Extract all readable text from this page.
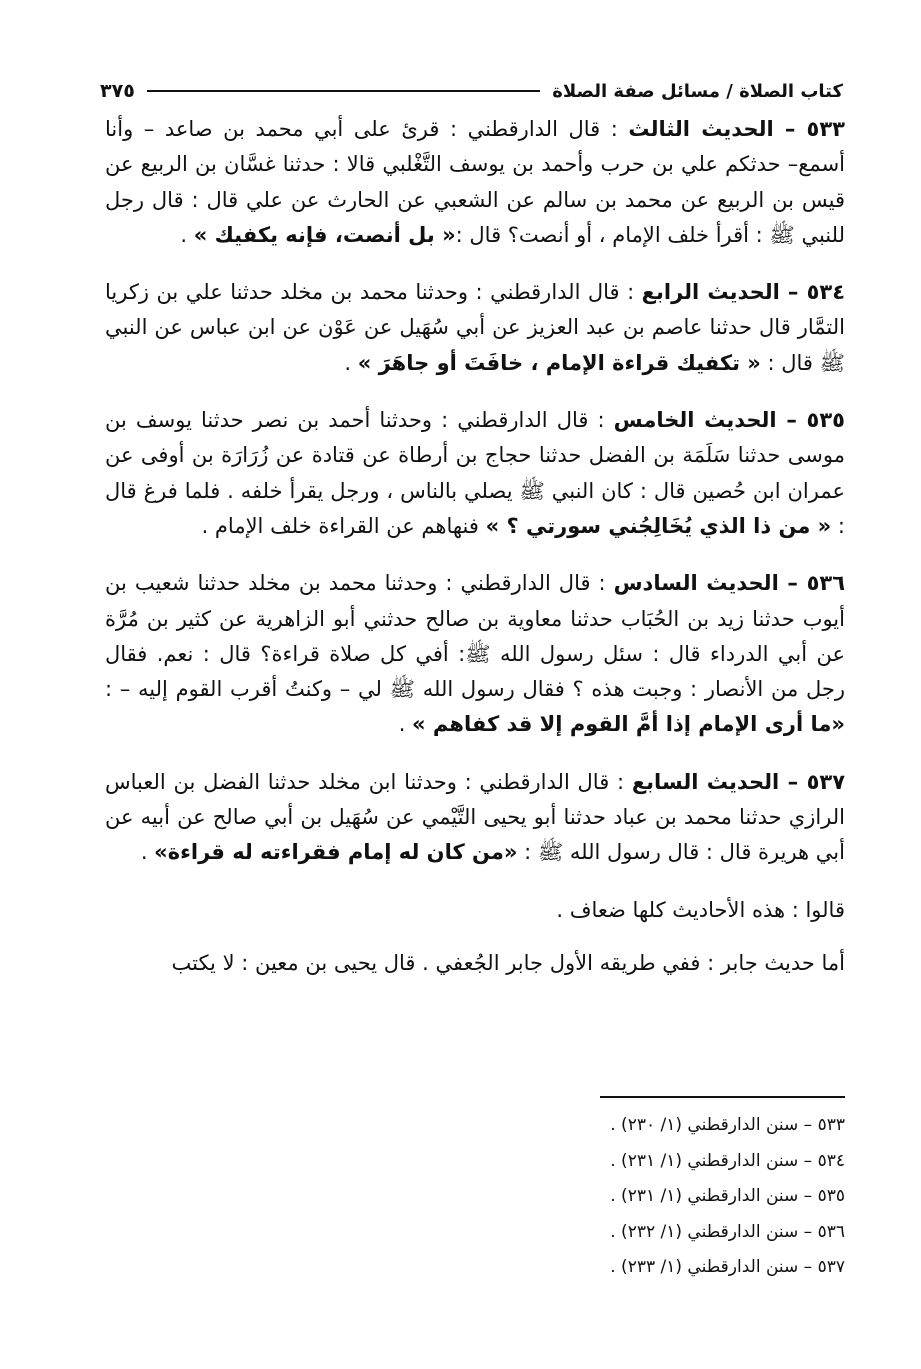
كتاب الصلاة / مسائل صفة الصلاة
٣٧٥

٥٣٣ – الحديث الثالث : قال الدارقطني : قرئ على أبي محمد بن صاعد – وأنا أسمع– حدثكم علي بن حرب وأحمد بن يوسف التَّغْلبي قالا : حدثنا غسَّان بن الربيع عن قيس بن الربيع عن محمد بن سالم عن الشعبي عن الحارث عن علي قال : قال رجل للنبي ﷺ : أقرأ خلف الإمام ، أو أنصت؟ قال :« بل أنصت، فإنه يكفيك » .

٥٣٤ – الحديث الرابع : قال الدارقطني : وحدثنا محمد بن مخلد حدثنا علي بن زكريا التمَّار قال حدثنا عاصم بن عبد العزيز عن أبي سُهَيل عن عَوْن عن ابن عباس عن النبي ﷺ قال : « تكفيك قراءة الإمام ، خافَتَ أو جاهَرَ » .

٥٣٥ – الحديث الخامس : قال الدارقطني : وحدثنا أحمد بن نصر حدثنا يوسف بن موسى حدثنا سَلَمَة بن الفضل حدثنا حجاج بن أرطاة عن قتادة عن زُرَارَة بن أوفى عن عمران ابن حُصين قال : كان النبي ﷺ يصلي بالناس ، ورجل يقرأ خلفه . فلما فرغ قال : « من ذا الذي يُخَالِجُني سورتي ؟ » فنهاهم عن القراءة خلف الإمام .

٥٣٦ – الحديث السادس : قال الدارقطني : وحدثنا محمد بن مخلد حدثنا شعيب بن أيوب حدثنا زيد بن الحُبَاب حدثنا معاوية بن صالح حدثني أبو الزاهرية عن كثير بن مُرَّة عن أبي الدرداء قال : سئل رسول الله ﷺ: أفي كل صلاة قراءة؟ قال : نعم. فقال رجل من الأنصار : وجبت هذه ؟ فقال رسول الله ﷺ لي – وكنتُ أقرب القوم إليه – : «ما أرى الإمام إذا أمَّ القوم إلا قد كفاهم » .

٥٣٧ – الحديث السابع : قال الدارقطني : وحدثنا ابن مخلد حدثنا الفضل بن العباس الرازي حدثنا محمد بن عباد حدثنا أبو يحيى التَّيْمي عن سُهَيل بن أبي صالح عن أبيه عن أبي هريرة قال : قال رسول الله ﷺ : «من كان له إمام فقراءته له قراءة» .

قالوا : هذه الأحاديث كلها ضعاف .

أما حديث جابر : ففي طريقه الأول جابر الجُعفي . قال يحيى بن معين : لا يكتب

٥٣٣ – سنن الدارقطني (١/ ٢٣٠) .
٥٣٤ – سنن الدارقطني (١/ ٢٣١) .
٥٣٥ – سنن الدارقطني (١/ ٢٣١) .
٥٣٦ – سنن الدارقطني (١/ ٢٣٢) .
٥٣٧ – سنن الدارقطني (١/ ٢٣٣) .
